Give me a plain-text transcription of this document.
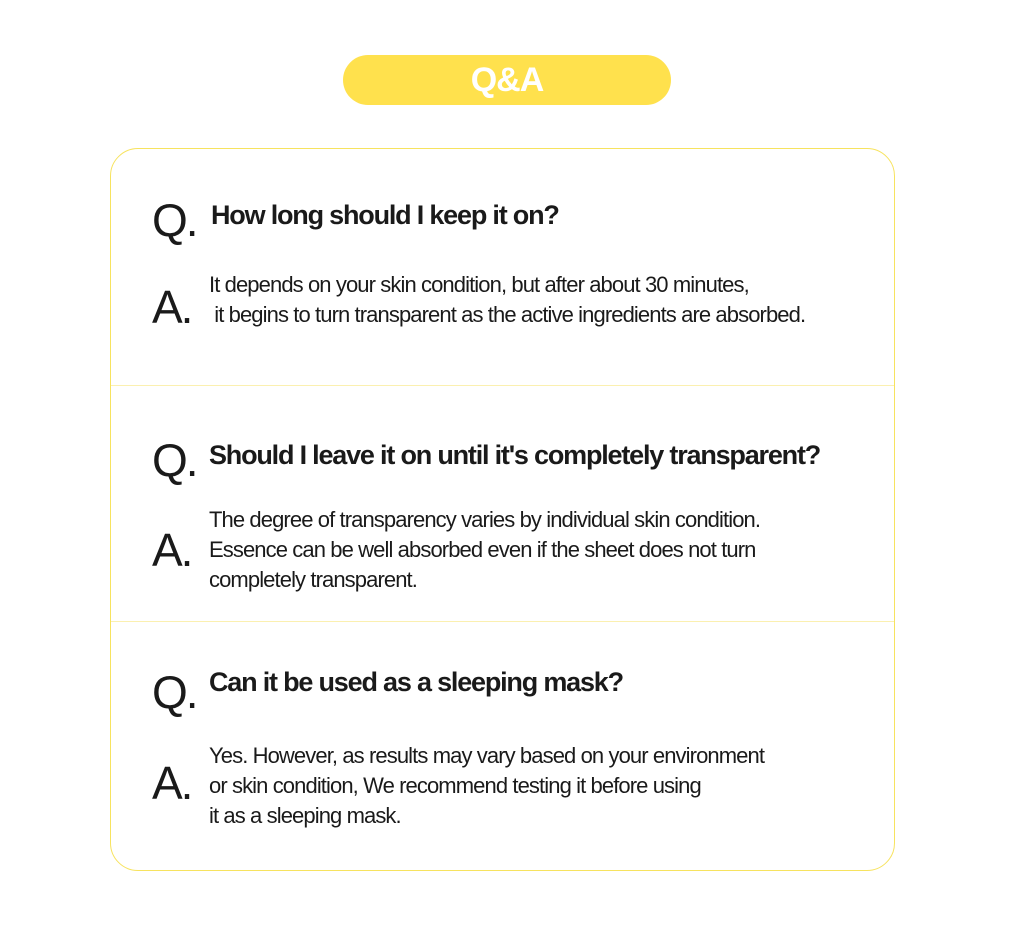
Q&A
Q. How long should I keep it on?
A. It depends on your skin condition, but after about 30 minutes,
it begins to turn transparent as the active ingredients are absorbed.
Q. Should I leave it on until it's completely transparent?
A.
The degree of transparency varies by individual skin condition.
Essence can be well absorbed even if the sheet does not turn
completely transparent.
Q. Can it be used as a sleeping mask?
A.
Yes. However, as results may vary based on your environment
or skin condition, We recommend testing it before using
it as a sleeping mask.
